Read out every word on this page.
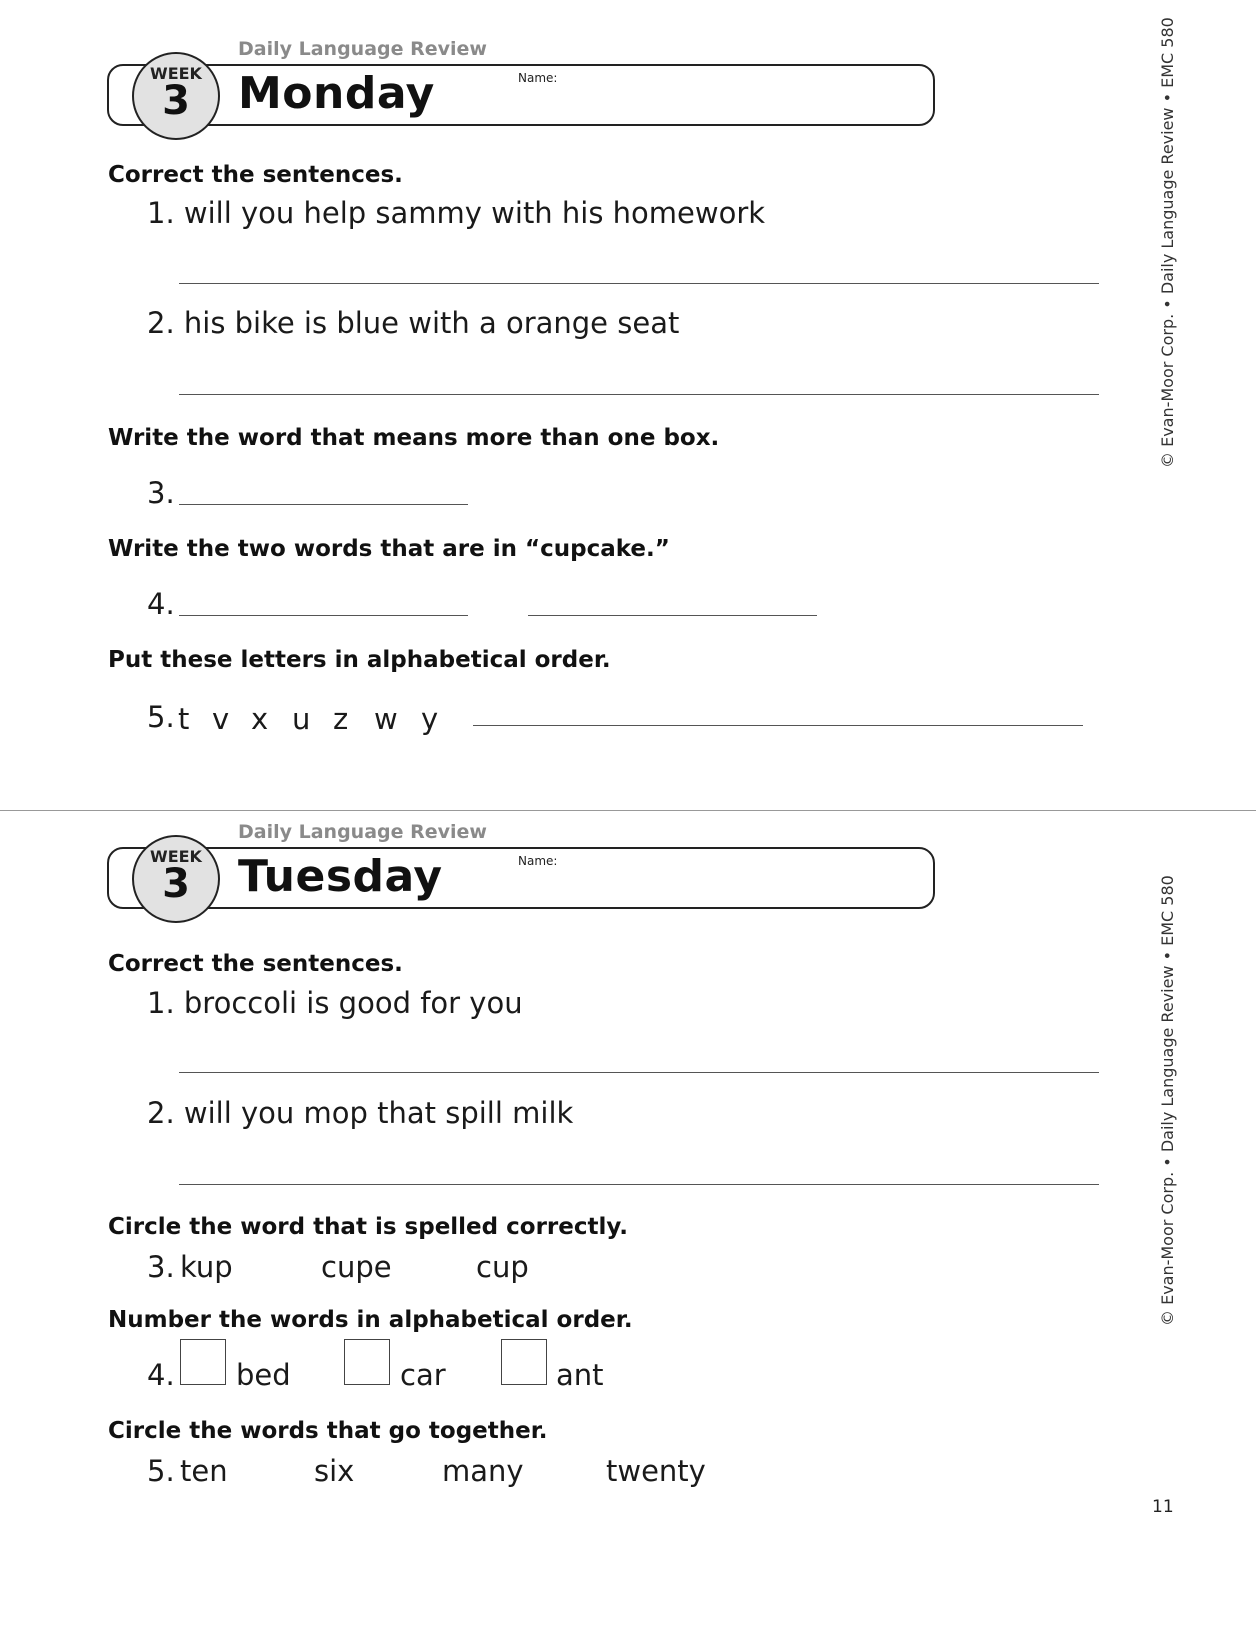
Daily Language Review
WEEK
3	Monday	Name:
Correct the sentences.
1. will you help sammy with his homework
2. his bike is blue with a orange seat
Write the word that means more than one box.
3.
Write the two words that are in “cupcake.”
4.
Put these letters in alphabetical order.
5. t v x u z w y
Daily Language Review
WEEK
3	Tuesday	Name:
Correct the sentences.
1. broccoli is good for you
2. will you mop that spill milk
Circle the word that is spelled correctly.
3. kup	cupe	cup
Number the words in alphabetical order.
4. bed	car	ant
Circle the words that go together.
5. ten	six	many	twenty
© Evan-Moor Corp. • Daily Language Review • EMC 580
© Evan-Moor Corp. • Daily Language Review • EMC 580
11
